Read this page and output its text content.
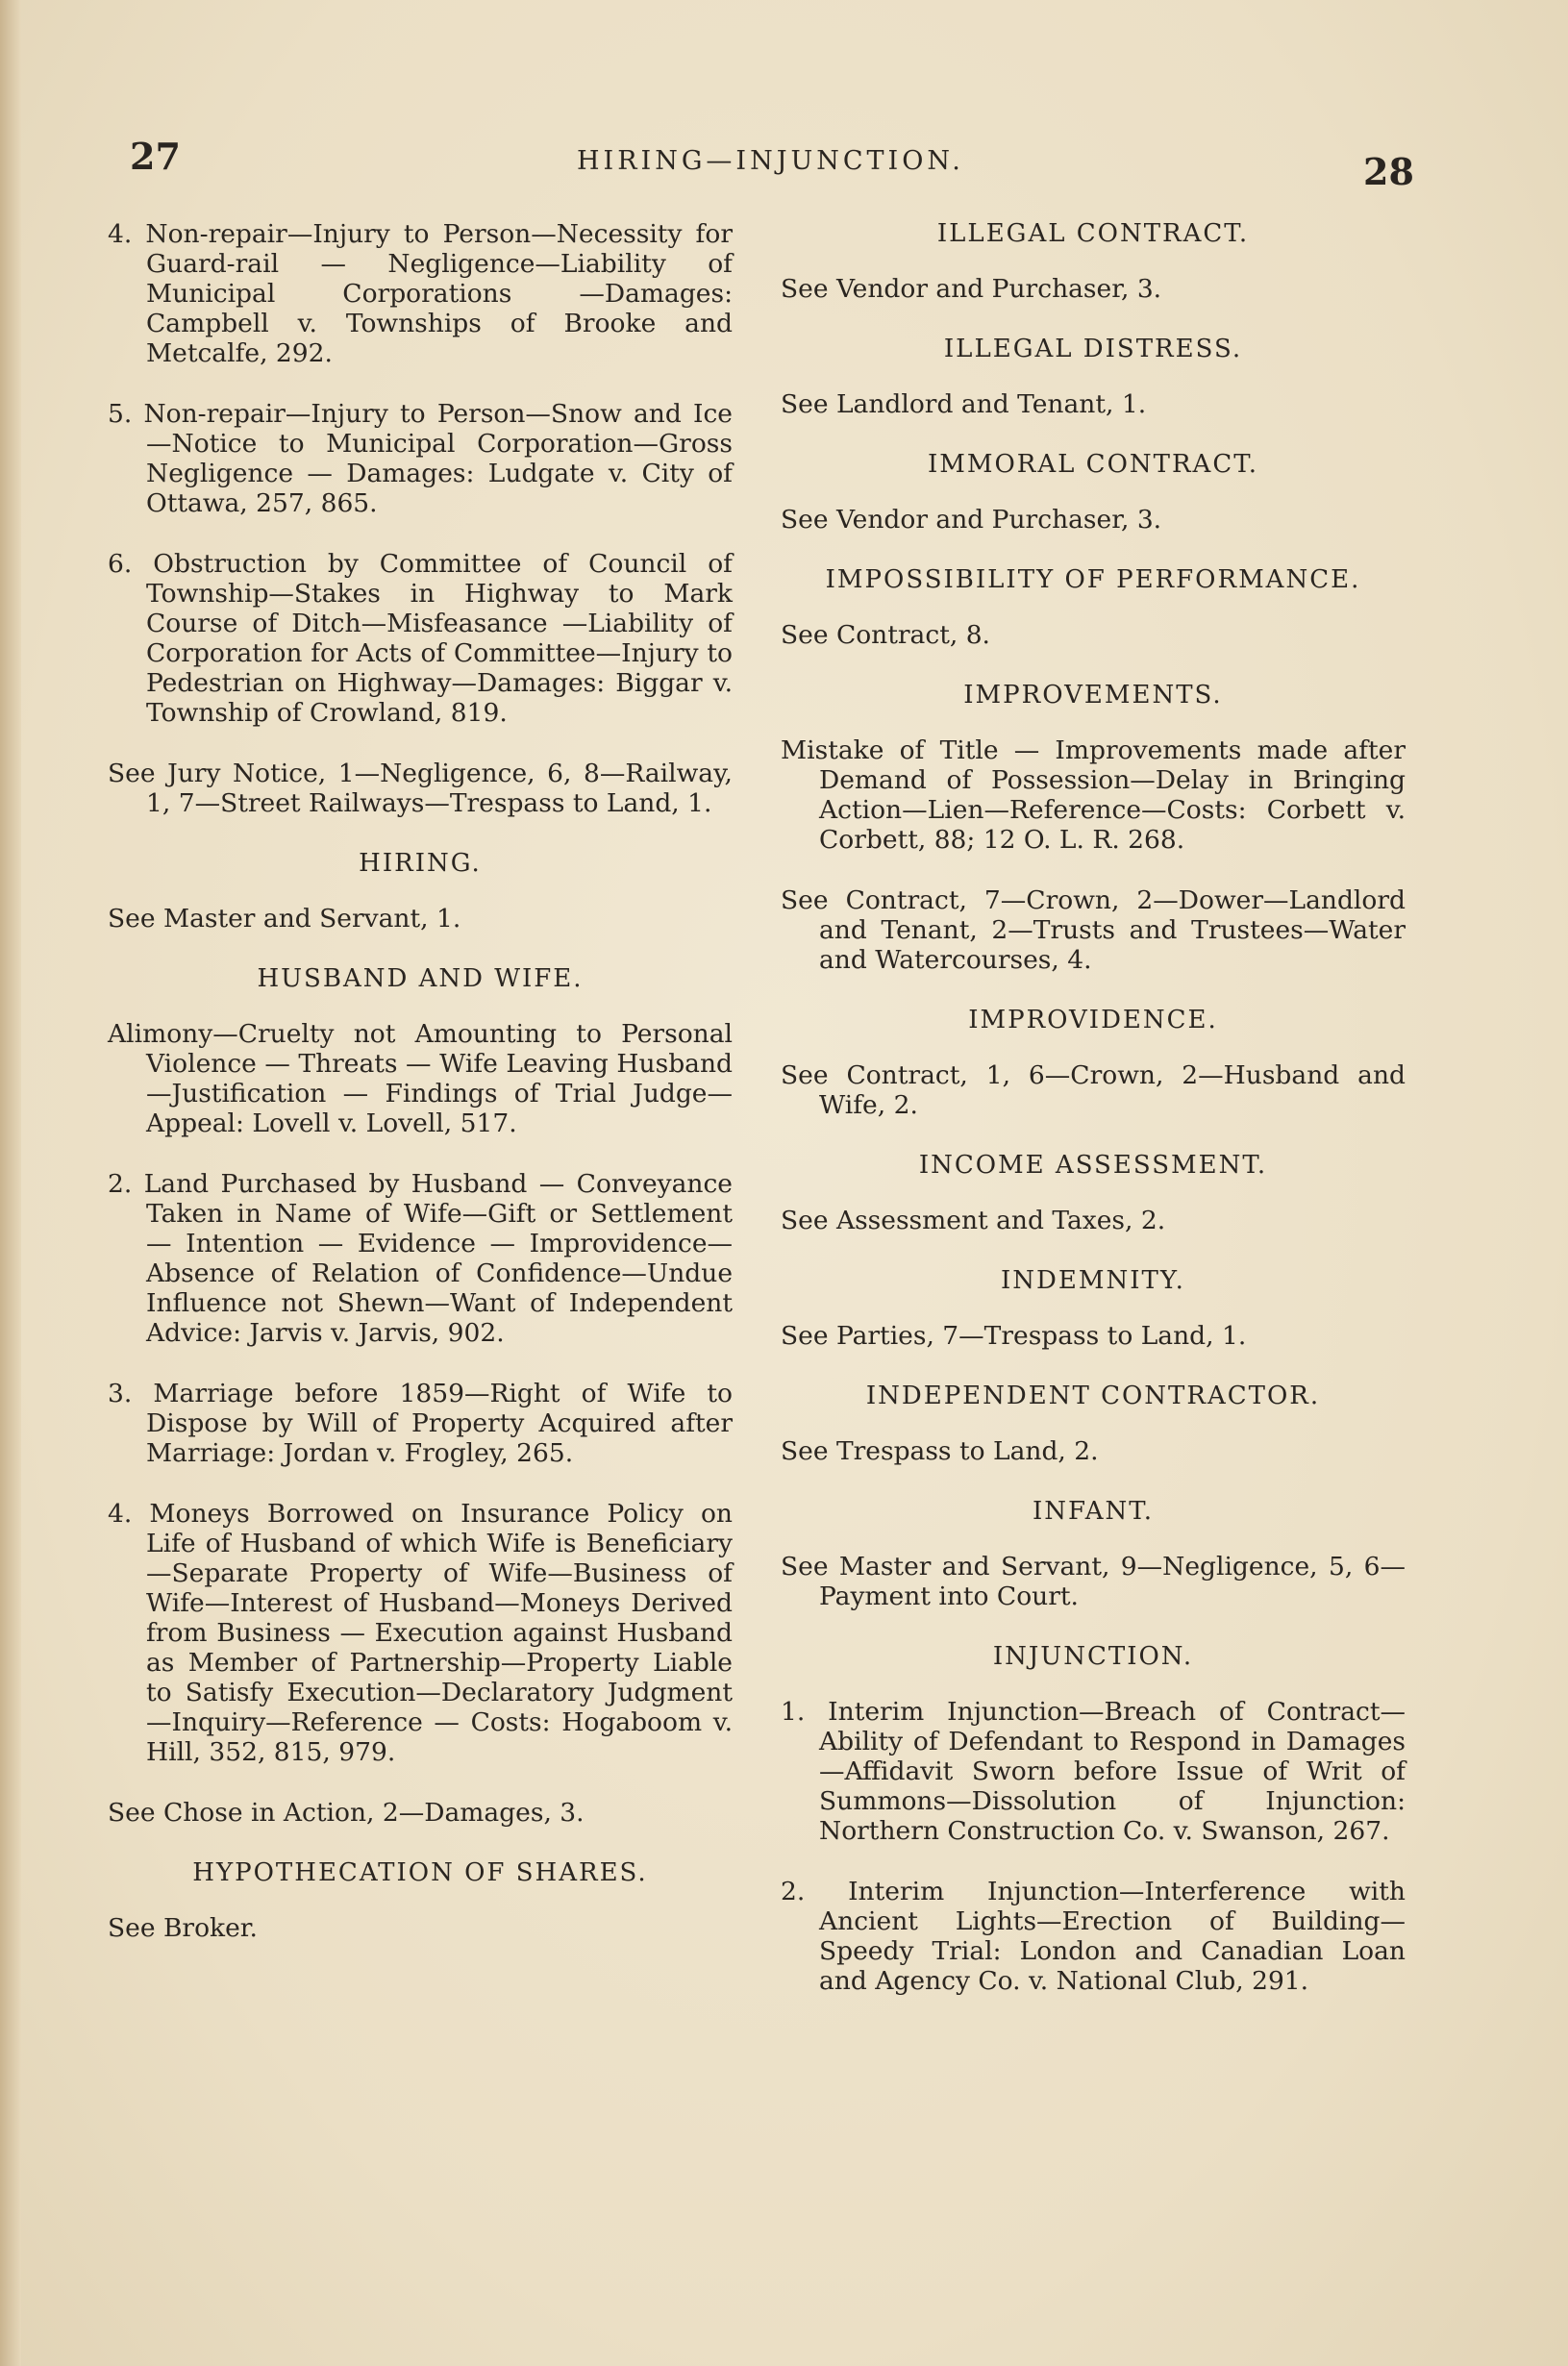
27	HIRING—INJUNCTION.	28
4. Non-repair—Injury to Person—Necessity for Guard-rail — Negligence—Liability of Municipal Corporations —Damages: Campbell v. Townships of Brooke and Metcalfe, 292.
5. Non-repair—Injury to Person—Snow and Ice—Notice to Municipal Corporation—Gross Negligence — Damages: Ludgate v. City of Ottawa, 257, 865.
6. Obstruction by Committee of Council of Township—Stakes in Highway to Mark Course of Ditch—Misfeasance —Liability of Corporation for Acts of Committee—Injury to Pedestrian on Highway—Damages: Biggar v. Township of Crowland, 819.
See Jury Notice, 1—Negligence, 6, 8—Railway, 1, 7—Street Railways—Trespass to Land, 1.
HIRING.
See Master and Servant, 1.
HUSBAND AND WIFE.
Alimony—Cruelty not Amounting to Personal Violence — Threats — Wife Leaving Husband—Justification — Findings of Trial Judge—Appeal: Lovell v. Lovell, 517.
2. Land Purchased by Husband — Conveyance Taken in Name of Wife—Gift or Settlement — Intention — Evidence — Improvidence—Absence of Relation of Confidence—Undue Influence not Shewn—Want of Independent Advice: Jarvis v. Jarvis, 902.
3. Marriage before 1859—Right of Wife to Dispose by Will of Property Acquired after Marriage: Jordan v. Frogley, 265.
4. Moneys Borrowed on Insurance Policy on Life of Husband of which Wife is Beneficiary—Separate Property of Wife—Business of Wife—Interest of Husband—Moneys Derived from Business — Execution against Husband as Member of Partnership—Property Liable to Satisfy Execution—Declaratory Judgment—Inquiry—Reference — Costs: Hogaboom v. Hill, 352, 815, 979.
See Chose in Action, 2—Damages, 3.
HYPOTHECATION OF SHARES.
See Broker.
ILLEGAL CONTRACT.
See Vendor and Purchaser, 3.
ILLEGAL DISTRESS.
See Landlord and Tenant, 1.
IMMORAL CONTRACT.
See Vendor and Purchaser, 3.
IMPOSSIBILITY OF PERFORMANCE.
See Contract, 8.
IMPROVEMENTS.
Mistake of Title — Improvements made after Demand of Possession—Delay in Bringing Action—Lien—Reference—Costs: Corbett v. Corbett, 88; 12 O. L. R. 268.
See Contract, 7—Crown, 2—Dower—Landlord and Tenant, 2—Trusts and Trustees—Water and Watercourses, 4.
IMPROVIDENCE.
See Contract, 1, 6—Crown, 2—Husband and Wife, 2.
INCOME ASSESSMENT.
See Assessment and Taxes, 2.
INDEMNITY.
See Parties, 7—Trespass to Land, 1.
INDEPENDENT CONTRACTOR.
See Trespass to Land, 2.
INFANT.
See Master and Servant, 9—Negligence, 5, 6—Payment into Court.
INJUNCTION.
1. Interim Injunction—Breach of Contract—Ability of Defendant to Respond in Damages—Affidavit Sworn before Issue of Writ of Summons—Dissolution of Injunction: Northern Construction Co. v. Swanson, 267.
2. Interim Injunction—Interference with Ancient Lights—Erection of Building—Speedy Trial: London and Canadian Loan and Agency Co. v. National Club, 291.
